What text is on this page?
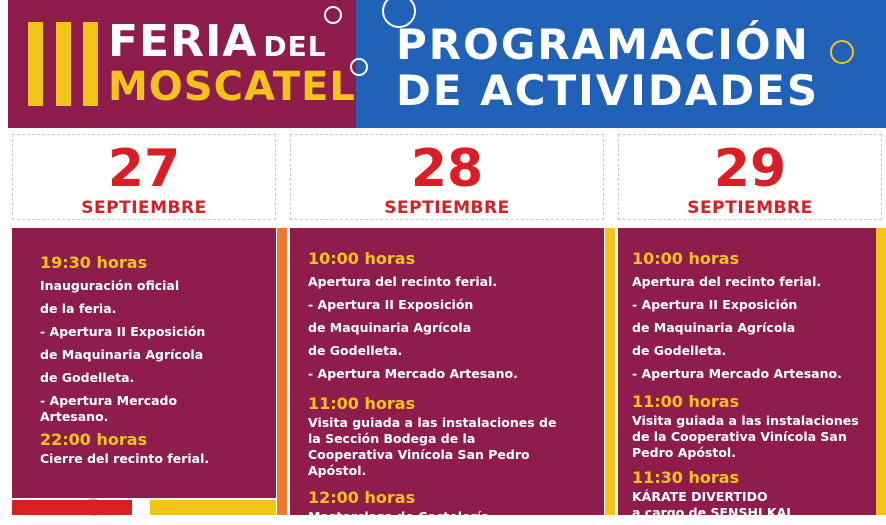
FERIA DEL
MOSCATEL
PROGRAMACIÓN
DE ACTIVIDADES
27
SEPTIEMBRE
28
SEPTIEMBRE
29
SEPTIEMBRE

19:30 horas

Inauguración oficial

de la feria.

- Apertura II Exposición

de Maquinaria Agrícola

de Godelleta.

- Apertura Mercado

Artesano.

22:00 horas

Cierre del recinto ferial.

10:00 horas

Apertura del recinto ferial.

- Apertura II Exposición

de Maquinaria Agrícola

de Godelleta.

- Apertura Mercado Artesano.

11:00 horas

Visita guiada a las instalaciones de

la Sección Bodega de la

Cooperativa Vinícola San Pedro

Apóstol.

12:00 horas

Masterclass de Coctelería

10:00 horas

Apertura del recinto ferial.

- Apertura II Exposición

de Maquinaria Agrícola

de Godelleta.

- Apertura Mercado Artesano.

11:00 horas

Visita guiada a las instalaciones

de la Cooperativa Vinícola San

Pedro Apóstol.

11:30 horas

KÁRATE DIVERTIDO

a cargo de SENSHI KAI
